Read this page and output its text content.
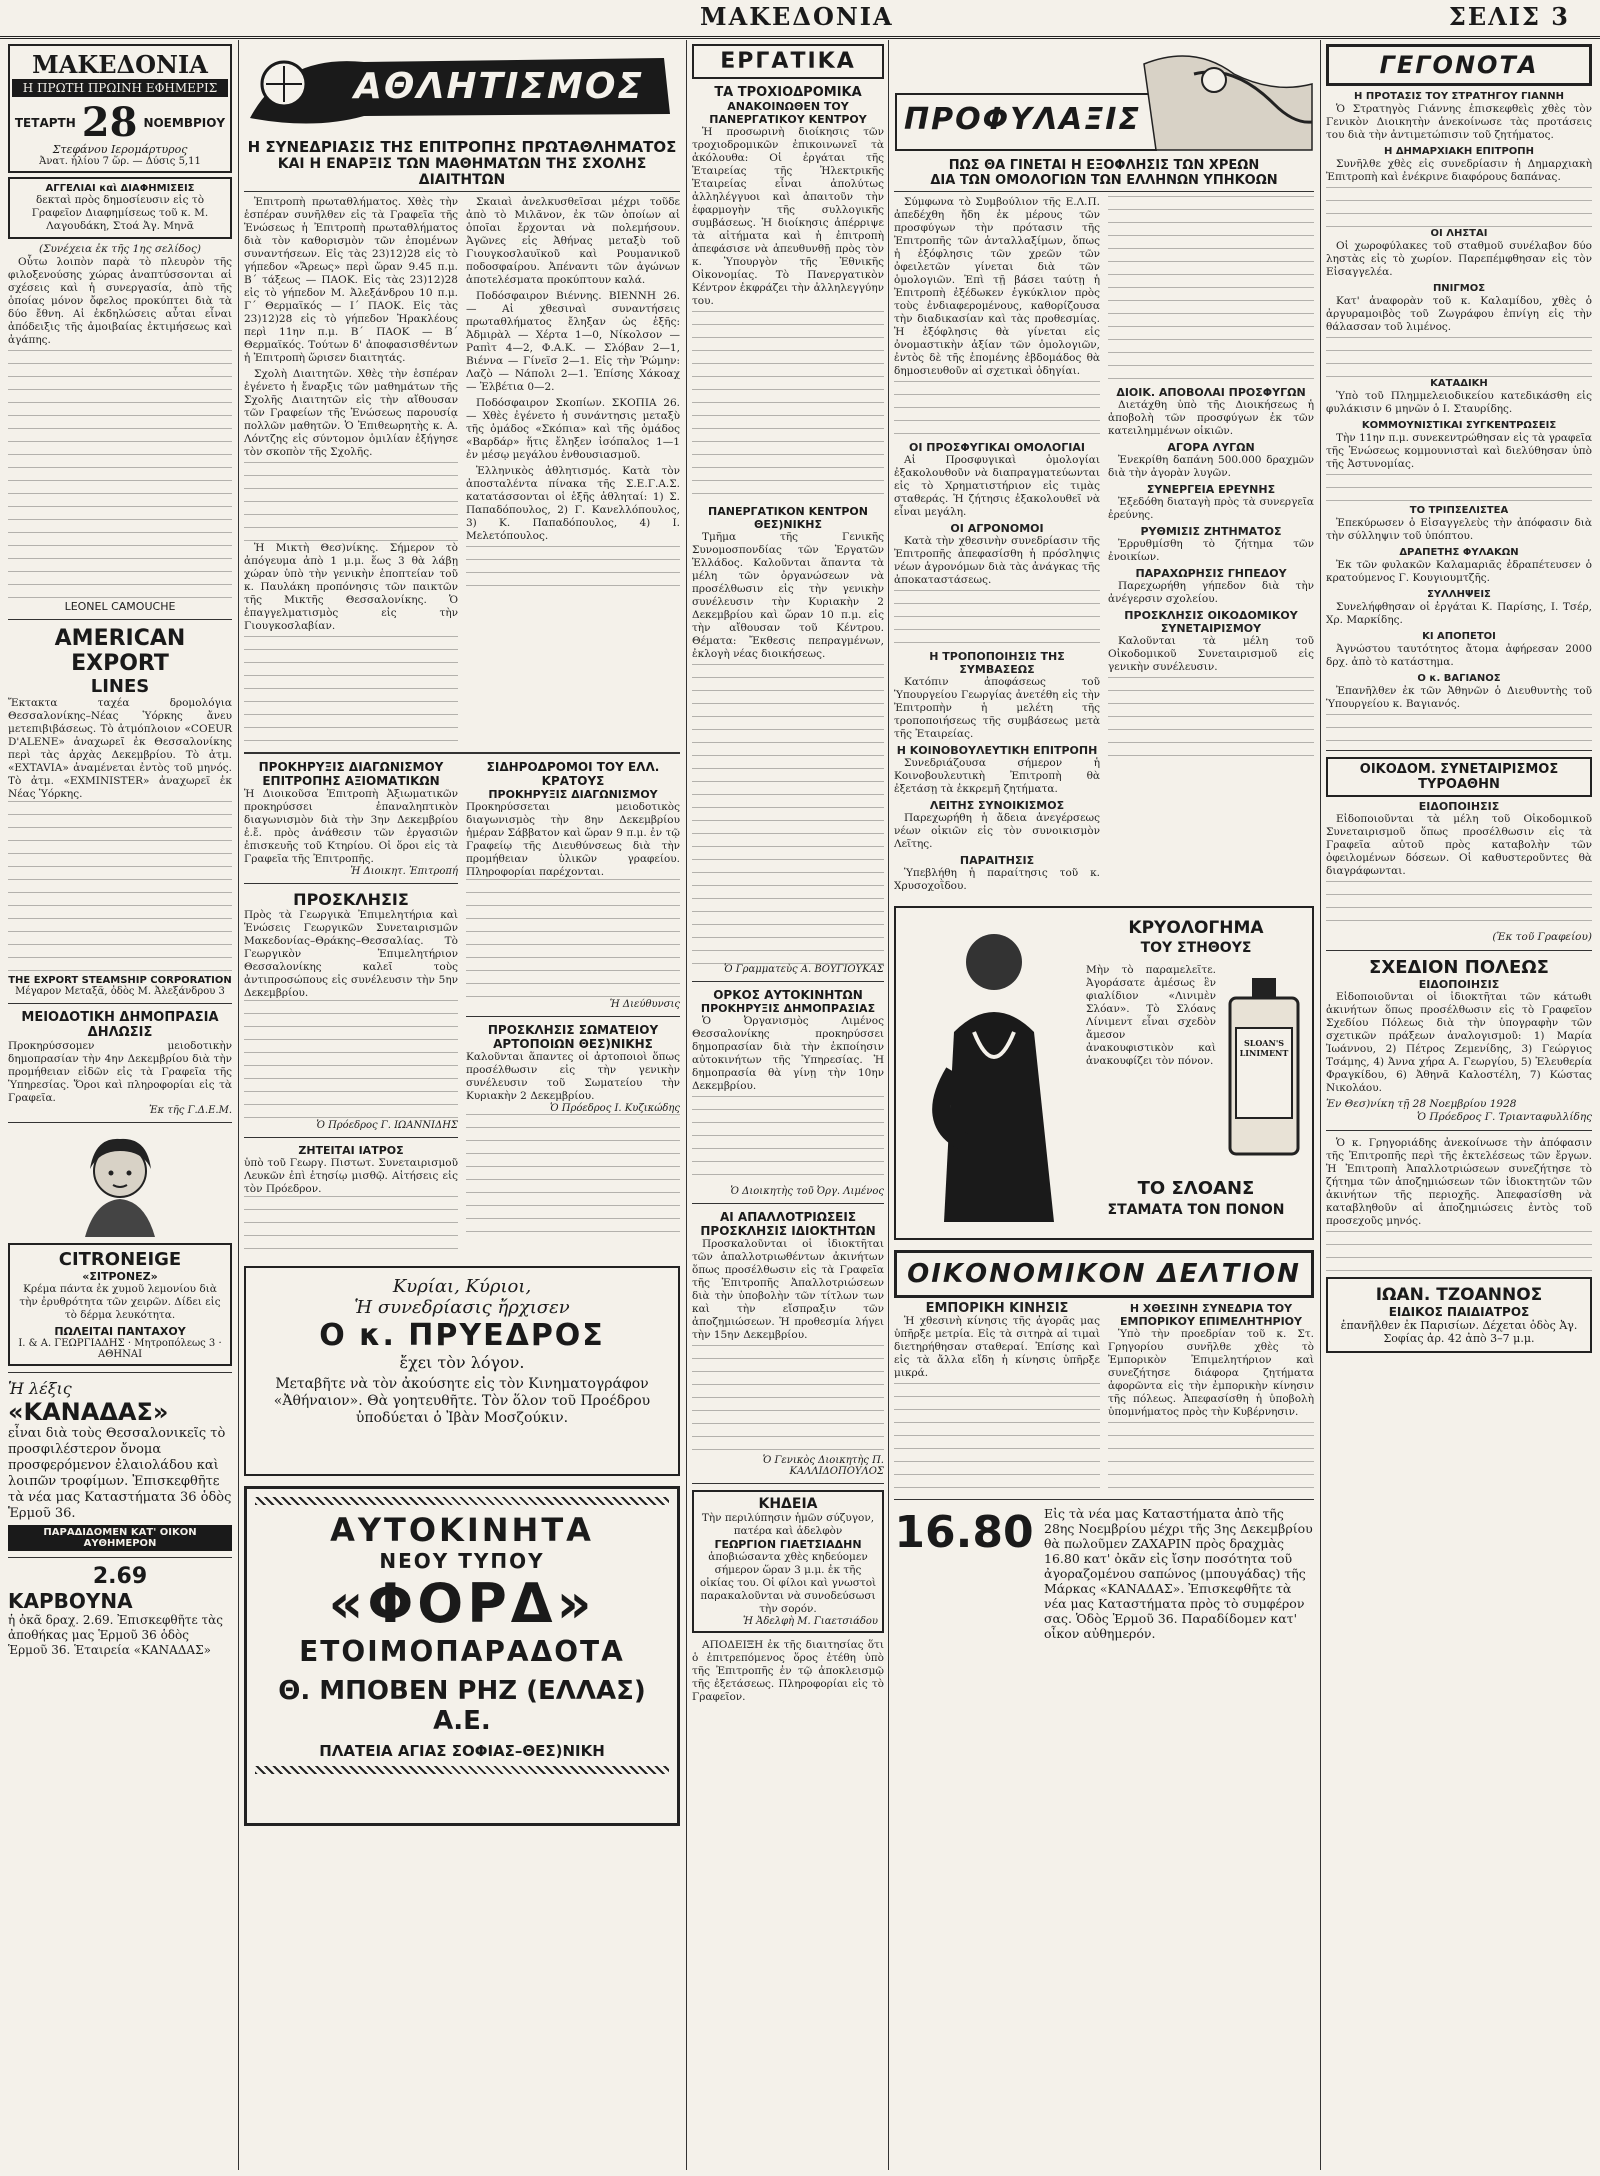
ΜΑΚΕΔΟΝΙΑ	ΣΕΛΙΣ 3
ΜΑΚΕΔΟΝΙΑ
Η ΠΡΩΤΗ ΠΡΩΙΝΗ ΕΦΗΜΕΡΙΣ
ΤΕΤΑΡΤΗ 28 ΝΟΕΜΒΡΙΟΥ
Στεφάνου Ιερομάρτυρος
Ἀνατ. ἡλίου 7 ὥρ. — Δύσις 5,11
ΑΓΓΕΛΙΑΙ καὶ ΔΙΑΦΗΜΙΣΕΙΣ
δεκταὶ πρὸς δημοσίευσιν εἰς τὸ Γραφεῖον Διαφημίσεως τοῦ κ. Μ. Λαγουδάκη, Στοά Ἀγ. Μηνᾶ
(Συνέχεια ἐκ τῆς 1ης σελίδος)

Οὗτω λοιπὸν παρὰ τὸ πλευρὸν τῆς φιλοξενούσης χώρας ἀναπτύσσονται αἱ σχέσεις καὶ ἡ συνεργασία, ἀπὸ τῆς ὁποίας μόνον ὄφελος προκύπτει διὰ τὰ δύο ἔθνη. Αἱ ἐκδηλώσεις αὗται εἶναι ἀπόδειξις τῆς ἀμοιβαίας ἐκτιμήσεως καὶ ἀγάπης.

LEONEL CAMOUCHE
AMERICAN EXPORT
LINES
Ἔκτακτα ταχέα δρομολόγια Θεσσαλονίκης–Νέας Ὑόρκης ἄνευ μετεπιβιβάσεως. Τὸ ἀτμόπλοιον «COEUR D'ALENE» ἀναχωρεῖ ἐκ Θεσσαλονίκης περὶ τὰς ἀρχὰς Δεκεμβρίου. Τὸ ἀτμ. «EXTAVIA» ἀναμένεται ἐντὸς τοῦ μηνός. Τὸ ἀτμ. «EXMINISTER» ἀναχωρεῖ ἐκ Νέας Ὑόρκης.
THE EXPORT STEAMSHIP CORPORATION
Μέγαρον Μεταξᾶ, ὁδὸς Μ. Ἀλεξάνδρου 3
ΜΕΙΟΔΟΤΙΚΗ ΔΗΜΟΠΡΑΣΙΑ
ΔΗΛΩΣΙΣ
Προκηρύσσομεν μειοδοτικὴν δημοπρασίαν τὴν 4ην Δεκεμβρίου διὰ τὴν προμήθειαν εἰδῶν εἰς τὰ Γραφεῖα τῆς Ὑπηρεσίας. Ὅροι καὶ πληροφορίαι εἰς τὰ Γραφεῖα.
Ἐκ τῆς Γ.Δ.Ε.Μ.
CITRONEIGE
«ΣΙΤΡΟΝΕΖ»
Κρέμα πάντα ἐκ χυμοῦ λεμονίου διὰ τὴν ἐρυθρότητα τῶν χειρῶν. Δίδει εἰς τὸ δέρμα λευκότητα.
ΠΩΛΕΙΤΑΙ ΠΑΝΤΑΧΟΥ
Ι. & Α. ΓΕΩΡΓΙΑΔΗΣ · Μητροπόλεως 3 · ΑΘΗΝΑΙ
Ἡ λέξις
«ΚΑΝΑΔΑΣ»
εἶναι διὰ τοὺς Θεσσαλονικεῖς τὸ προσφιλέστερον ὄνομα προσφερόμενον ἐλαιολάδου καὶ λοιπῶν τροφίμων. Ἐπισκεφθῆτε τὰ νέα μας Καταστήματα 36 ὁδὸς Ἑρμοῦ 36.
ΠΑΡΑΔΙΔΟΜΕΝ ΚΑΤ' ΟΙΚΟΝ ΑΥΘΗΜΕΡΟΝ
2.69
ΚΑΡΒΟΥΝΑ
ἡ ὀκᾶ δραχ. 2.69. Ἐπισκεφθῆτε τὰς ἀποθήκας μας Ἑρμοῦ 36 ὁδὸς Ἑρμοῦ 36. Ἑταιρεία «ΚΑΝΑΔΑΣ»
ΑΘΛΗΤΙΣΜΟΣ
Η ΣΥΝΕΔΡΙΑΣΙΣ ΤΗΣ ΕΠΙΤΡΟΠΗΣ ΠΡΩΤΑΘΛΗΜΑΤΟΣ
ΚΑΙ Η ΕΝΑΡΞΙΣ ΤΩΝ ΜΑΘΗΜΑΤΩΝ ΤΗΣ ΣΧΟΛΗΣ ΔΙΑΙΤΗΤΩΝ

Ἐπιτροπὴ πρωταθλήματος. Χθὲς τὴν ἑσπέραν συνῆλθεν εἰς τὰ Γραφεῖα τῆς Ἑνώσεως ἡ Ἐπιτροπὴ πρωταθλήματος διὰ τὸν καθορισμὸν τῶν ἑπομένων συναντήσεων. Εἰς τὰς 23)12)28 εἰς τὸ γήπεδον «Ἄρεως» περὶ ὥραν 9.45 π.μ. Β΄ τάξεως — ΠΑΟΚ. Εἰς τὰς 23)12)28 εἰς τὸ γήπεδον Μ. Ἀλεξάνδρου 10 π.μ. Γ΄ Θερμαϊκός — Ι΄ ΠΑΟΚ. Εἰς τὰς 23)12)28 εἰς τὸ γήπεδον Ἠρακλέους περὶ 11ην π.μ. Β΄ ΠΑΟΚ — Β΄ Θερμαϊκός. Τούτων δ' ἀποφασισθέντων ἡ Ἐπιτροπὴ ὥρισεν διαιτητάς.

Σχολὴ Διαιτητῶν. Χθὲς τὴν ἑσπέραν ἐγένετο ἡ ἔναρξις τῶν μαθημάτων τῆς Σχολῆς Διαιτητῶν εἰς τὴν αἴθουσαν τῶν Γραφείων τῆς Ἑνώσεως παρουσίᾳ πολλῶν μαθητῶν. Ὁ Ἐπιθεωρητὴς κ. Α. Λόντζης εἰς σύντομον ὁμιλίαν ἐξήγησε τὸν σκοπὸν τῆς Σχολῆς.

Ἡ Μικτὴ Θεσ)νίκης. Σήμερον τὸ ἀπόγευμα ἀπὸ 1 μ.μ. ἕως 3 θὰ λάβῃ χώραν ὑπὸ τὴν γενικὴν ἐποπτείαν τοῦ κ. Παυλάκη προπόνησις τῶν παικτῶν τῆς Μικτῆς Θεσσαλονίκης. Ὁ ἐπαγγελματισμὸς εἰς τὴν Γιουγκοσλαβίαν.

Σκαιαὶ ἀνελκυσθεῖσαι μέχρι τοῦδε ἀπὸ τὸ Μιλᾶνον, ἐκ τῶν ὁποίων αἱ ὁποῖαι ἔρχονται νὰ πολεμήσουν. Ἀγῶνες εἰς Ἀθήνας μεταξὺ τοῦ Γιουγκοσλαυϊκοῦ καὶ Ρουμανικοῦ ποδοσφαίρου. Ἀπέναντι τῶν ἀγώνων ἀποτελέσματα προκύπτουν καλά.

Ποδόσφαιρον Βιέννης. ΒΙΕΝΝΗ 26. — Αἱ χθεσιναὶ συναντήσεις πρωταθλήματος ἔληξαν ὡς ἑξῆς: Ἀδμιρὰλ — Χέρτα 1—0, Νίκολσον — Ραπὶτ 4—2, Φ.Α.Κ. — Σλόβαν 2—1, Βιέννα — Γίνεϊσ 2—1. Εἰς τὴν Ῥώμην: Λαζὸ — Νάπολι 2—1. Ἐπίσης Χάκοαχ — Ἐλβέτια 0—2.

Ποδόσφαιρον Σκοπίων. ΣΚΟΠΙΑ 26. — Χθὲς ἐγένετο ἡ συνάντησις μεταξὺ τῆς ὁμάδος «Σκόπια» καὶ τῆς ὁμάδος «Βαρδάρ» ἥτις ἔληξεν ἰσόπαλος 1—1 ἐν μέσῳ μεγάλου ἐνθουσιασμοῦ.

Ἑλληνικὸς ἀθλητισμός. Κατὰ τὸν ἀποσταλέντα πίνακα τῆς Σ.Ε.Γ.Α.Σ. κατατάσσονται οἱ ἑξῆς ἀθληταί: 1) Σ. Παπαδόπουλος, 2) Γ. Κανελλόπουλος, 3) Κ. Παπαδόπουλος, 4) Ι. Μελετόπουλος.

ΠΡΟΚΗΡΥΞΙΣ ΔΙΑΓΩΝΙΣΜΟΥ ΕΠΙΤΡΟΠΗΣ ΑΞΙΟΜΑΤΙΚΩΝ
Ἡ Διοικοῦσα Ἐπιτροπὴ Ἀξιωματικῶν προκηρύσσει ἐπαναληπτικὸν διαγωνισμὸν διὰ τὴν 3ην Δεκεμβρίου ἐ.ἔ. πρὸς ἀνάθεσιν τῶν ἐργασιῶν ἐπισκευῆς τοῦ Κτηρίου. Οἱ ὅροι εἰς τὰ Γραφεῖα τῆς Ἐπιτροπῆς.
Ἡ Διοικητ. Ἐπιτροπή
ΠΡΟΣΚΛΗΣΙΣ
Πρὸς τὰ Γεωργικὰ Ἐπιμελητήρια καὶ Ἑνώσεις Γεωργικῶν Συνεταιρισμῶν Μακεδονίας–Θράκης–Θεσσαλίας. Τὸ Γεωργικὸν Ἐπιμελητήριον Θεσσαλονίκης καλεῖ τοὺς ἀντιπροσώπους εἰς συνέλευσιν τὴν 5ην Δεκεμβρίου.
Ὁ Πρόεδρος Γ. ΙΩΑΝΝΙΔΗΣ
ΖΗΤΕΙΤΑΙ ΙΑΤΡΟΣ
ὑπὸ τοῦ Γεωργ. Πιστωτ. Συνεταιρισμοῦ Λευκῶν ἐπὶ ἐτησίῳ μισθῷ. Αἰτήσεις εἰς τὸν Πρόεδρον.
ΣΙΔΗΡΟΔΡΟΜΟΙ ΤΟΥ ΕΛΛ. ΚΡΑΤΟΥΣ
ΠΡΟΚΗΡΥΞΙΣ ΔΙΑΓΩΝΙΣΜΟΥ
Προκηρύσσεται μειοδοτικὸς διαγωνισμὸς τὴν 8ην Δεκεμβρίου ἡμέραν Σάββατον καὶ ὥραν 9 π.μ. ἐν τῷ Γραφείῳ τῆς Διευθύνσεως διὰ τὴν προμήθειαν ὑλικῶν γραφείου. Πληροφορίαι παρέχονται.
Ἡ Διεύθυνσις
ΠΡΟΣΚΛΗΣΙΣ ΣΩΜΑΤΕΙΟΥ ΑΡΤΟΠΟΙΩΝ ΘΕΣ)ΝΙΚΗΣ
Καλοῦνται ἅπαντες οἱ ἀρτοποιοὶ ὅπως προσέλθωσιν εἰς τὴν γενικὴν συνέλευσιν τοῦ Σωματείου τὴν Κυριακὴν 2 Δεκεμβρίου.
Ὁ Πρόεδρος Ι. Κυζικώδης
Κυρίαι, Κύριοι,
Ἡ συνεδρίασις ἤρχισεν
Ο κ. ΠΡΥΕΔΡΟΣ
ἔχει τὸν λόγον.
Μεταβῆτε νὰ τὸν ἀκούσητε εἰς τὸν Κινηματογράφον «Ἀθήναιον». Θὰ γοητευθῆτε. Τὸν ὅλον τοῦ Προέδρου ὑποδύεται ὁ Ἰβὰν Μοσζούκιν.
ΑΥΤΟΚΙΝΗΤΑ
ΝΕΟΥ ΤΥΠΟΥ
«ΦΟΡΔ»
ΕΤΟΙΜΟΠΑΡΑΔΟΤΑ
Θ. ΜΠΟΒΕΝ ΡΗΖ (ΕΛΛΑΣ) Α.Ε.
ΠΛΑΤΕΙΑ ΑΓΙΑΣ ΣΟΦΙΑΣ–ΘΕΣ)ΝΙΚΗ
ΕΡΓΑΤΙΚΑ
ΤΑ ΤΡΟΧΙΟΔΡΟΜΙΚΑ
ΑΝΑΚΟΙΝΩΘΕΝ ΤΟΥ ΠΑΝΕΡΓΑΤΙΚΟΥ ΚΕΝΤΡΟΥ

Ἡ προσωρινὴ διοίκησις τῶν τροχιοδρομικῶν ἐπικοινωνεῖ τὰ ἀκόλουθα: Οἱ ἐργάται τῆς Ἑταιρείας τῆς Ἠλεκτρικῆς Ἑταιρείας εἶναι ἀπολύτως ἀλληλέγγυοι καὶ ἀπαιτοῦν τὴν ἐφαρμογὴν τῆς συλλογικῆς συμβάσεως. Ἡ διοίκησις ἀπέρριψε τὰ αἰτήματα καὶ ἡ ἐπιτροπὴ ἀπεφάσισε νὰ ἀπευθυνθῇ πρὸς τὸν κ. Ὑπουργὸν τῆς Ἐθνικῆς Οἰκονομίας. Τὸ Πανεργατικὸν Κέντρον ἐκφράζει τὴν ἀλληλεγγύην του.

ΠΑΝΕΡΓΑΤΙΚΟΝ ΚΕΝΤΡΟΝ ΘΕΣ)ΝΙΚΗΣ

Τμῆμα τῆς Γενικῆς Συνομοσπονδίας τῶν Ἐργατῶν Ἑλλάδος. Καλοῦνται ἅπαντα τὰ μέλη τῶν ὀργανώσεων νὰ προσέλθωσιν εἰς τὴν γενικὴν συνέλευσιν τὴν Κυριακὴν 2 Δεκεμβρίου καὶ ὥραν 10 π.μ. εἰς τὴν αἴθουσαν τοῦ Κέντρου. Θέματα: Ἔκθεσις πεπραγμένων, ἐκλογὴ νέας διοικήσεως.

Ὁ Γραμματεὺς Α. ΒΟΥΓΙΟΥΚΑΣ
ΟΡΚΟΣ ΑΥΤΟΚΙΝΗΤΩΝ
ΠΡΟΚΗΡΥΞΙΣ ΔΗΜΟΠΡΑΣΙΑΣ

Ὁ Ὀργανισμὸς Λιμένος Θεσσαλονίκης προκηρύσσει δημοπρασίαν διὰ τὴν ἐκποίησιν αὐτοκινήτων τῆς Ὑπηρεσίας. Ἡ δημοπρασία θὰ γίνῃ τὴν 10ην Δεκεμβρίου.

Ὁ Διοικητὴς τοῦ Ὀργ. Λιμένος
ΑΙ ΑΠΑΛΛΟΤΡΙΩΣΕΙΣ
ΠΡΟΣΚΛΗΣΙΣ ΙΔΙΟΚΤΗΤΩΝ

Προσκαλοῦνται οἱ ἰδιοκτῆται τῶν ἀπαλλοτριωθέντων ἀκινήτων ὅπως προσέλθωσιν εἰς τὰ Γραφεῖα τῆς Ἐπιτροπῆς Ἀπαλλοτριώσεων διὰ τὴν ὑποβολὴν τῶν τίτλων των καὶ τὴν εἴσπραξιν τῶν ἀποζημιώσεων. Ἡ προθεσμία λήγει τὴν 15ην Δεκεμβρίου.

Ὁ Γενικὸς Διοικητὴς Π. ΚΑΛΛΙΔΟΠΟΥΛΟΣ
ΚΗΔΕΙΑ
Τὴν περιλύπησιν ἡμῶν σύζυγον, πατέρα καὶ ἀδελφὸν
ΓΕΩΡΓΙΟΝ ΓΙΑΕΤΣΙΑΔΗΝ
ἀποβιώσαντα χθὲς κηδεύομεν σήμερον ὥραν 3 μ.μ. ἐκ τῆς οἰκίας του. Οἱ φίλοι καὶ γνωστοὶ παρακαλοῦνται νὰ συνοδεύσωσι τὴν σορόν.
Ἡ Ἀδελφὴ Μ. Γιαετσιάδου

ΑΠΟΔΕΙΞΗ ἐκ τῆς διαιτησίας ὅτι ὁ ἐπιτρεπόμενος ὅρος ἐτέθη ὑπὸ τῆς Ἐπιτροπῆς ἐν τῷ ἀποκλεισμῷ τῆς ἐξετάσεως. Πληροφορίαι εἰς τὸ Γραφεῖον.

ΠΡΟΦΥΛΑΞΙΣ
ΠΩΣ ΘΑ ΓΙΝΕΤΑΙ Η ΕΞΟΦΛΗΣΙΣ ΤΩΝ ΧΡΕΩΝ
ΔΙΑ ΤΩΝ ΟΜΟΛΟΓΙΩΝ ΤΩΝ ΕΛΛΗΝΩΝ ΥΠΗΚΟΩΝ

Σύμφωνα τὸ Συμβούλιον τῆς Ε.Λ.Π. ἀπεδέχθη ἤδη ἐκ μέρους τῶν προσφύγων τὴν πρότασιν τῆς Ἐπιτροπῆς τῶν ἀνταλλαξίμων, ὅπως ἡ ἐξόφλησις τῶν χρεῶν τῶν ὀφειλετῶν γίνεται διὰ τῶν ὁμολογιῶν. Ἐπὶ τῇ βάσει ταύτῃ ἡ Ἐπιτροπὴ ἐξέδωκεν ἐγκύκλιον πρὸς τοὺς ἐνδιαφερομένους, καθορίζουσα τὴν διαδικασίαν καὶ τὰς προθεσμίας. Ἡ ἐξόφλησις θὰ γίνεται εἰς ὀνομαστικὴν ἀξίαν τῶν ὁμολογιῶν, ἐντὸς δὲ τῆς ἑπομένης ἑβδομάδος θὰ δημοσιευθοῦν αἱ σχετικαὶ ὁδηγίαι.

ΟΙ ΠΡΟΣΦΥΓΙΚΑΙ ΟΜΟΛΟΓΙΑΙ

Αἱ Προσφυγικαὶ ὁμολογίαι ἐξακολουθοῦν νὰ διαπραγματεύωνται εἰς τὸ Χρηματιστήριον εἰς τιμὰς σταθεράς. Ἡ ζήτησις ἐξακολουθεῖ νὰ εἶναι μεγάλη.

ΟΙ ΑΓΡΟΝΟΜΟΙ

Κατὰ τὴν χθεσινὴν συνεδρίασιν τῆς Ἐπιτροπῆς ἀπεφασίσθη ἡ πρόσληψις νέων ἀγρονόμων διὰ τὰς ἀνάγκας τῆς ἀποκαταστάσεως.

Η ΤΡΟΠΟΠΟΙΗΣΙΣ ΤΗΣ ΣΥΜΒΑΣΕΩΣ

Κατόπιν ἀποφάσεως τοῦ Ὑπουργείου Γεωργίας ἀνετέθη εἰς τὴν Ἐπιτροπὴν ἡ μελέτη τῆς τροποποιήσεως τῆς συμβάσεως μετὰ τῆς Ἐταιρείας.

Η ΚΟΙΝΟΒΟΥΛΕΥΤΙΚΗ ΕΠΙΤΡΟΠΗ

Συνεδριάζουσα σήμερον ἡ Κοινοβουλευτικὴ Ἐπιτροπὴ θὰ ἐξετάσῃ τὰ ἐκκρεμῆ ζητήματα.

ΛΕΙΤΗΣ ΣΥΝΟΙΚΙΣΜΟΣ

Παρεχωρήθη ἡ ἄδεια ἀνεγέρσεως νέων οἰκιῶν εἰς τὸν συνοικισμὸν Λεῖτης.

ΠΑΡΑΙΤΗΣΙΣ

Ὑπεβλήθη ἡ παραίτησις τοῦ κ. Χρυσοχοῒδου.

ΔΙΟΙΚ. ΑΠΟΒΟΛΑΙ ΠΡΟΣΦΥΓΩΝ

Διετάχθη ὑπὸ τῆς Διοικήσεως ἡ ἀποβολὴ τῶν προσφύγων ἐκ τῶν κατειλημμένων οἰκιῶν.

ΑΓΟΡΑ ΛΥΓΩΝ

Ἐνεκρίθη δαπάνη 500.000 δραχμῶν διὰ τὴν ἀγορὰν λυγῶν.

ΣΥΝΕΡΓΕΙΑ ΕΡΕΥΝΗΣ

Ἐξεδόθη διαταγὴ πρὸς τὰ συνεργεῖα ἐρεύνης.

ΡΥΘΜΙΣΙΣ ΖΗΤΗΜΑΤΟΣ

Ἐρρυθμίσθη τὸ ζήτημα τῶν ἐνοικίων.

ΠΑΡΑΧΩΡΗΣΙΣ ΓΗΠΕΔΟΥ

Παρεχωρήθη γήπεδον διὰ τὴν ἀνέγερσιν σχολείου.

ΠΡΟΣΚΛΗΣΙΣ ΟΙΚΟΔΟΜΙΚΟΥ ΣΥΝΕΤΑΙΡΙΣΜΟΥ

Καλοῦνται τὰ μέλη τοῦ Οἰκοδομικοῦ Συνεταιρισμοῦ εἰς γενικὴν συνέλευσιν.

ΚΡΥΟΛΟΓΗΜΑ
ΤΟΥ ΣΤΗΘΟΥΣ
Μὴν τὸ παραμελεῖτε. Ἀγοράσατε ἀμέσως ἓν φιαλίδιον «Λινιμὲν Σλόαν». Τὸ Σλόανς Λίνιμεντ εἶναι σχεδὸν ἄμεσον ἀνακουφιστικὸν καὶ ἀνακουφίζει τὸν πόνον.
SLOAN'S LINIMENT
ΤΟ ΣΛΟΑΝΣ
ΣΤΑΜΑΤΑ ΤΟΝ ΠΟΝΟΝ
ΟΙΚΟΝΟΜΙΚΟΝ ΔΕΛΤΙΟΝ
ΕΜΠΟΡΙΚΗ ΚΙΝΗΣΙΣ

Ἡ χθεσινὴ κίνησις τῆς ἀγορᾶς μας ὑπῆρξε μετρία. Εἰς τὰ σιτηρὰ αἱ τιμαὶ διετηρήθησαν σταθεραί. Ἐπίσης καὶ εἰς τὰ ἄλλα εἴδη ἡ κίνησις ὑπῆρξε μικρά.

Η ΧΘΕΣΙΝΗ ΣΥΝΕΔΡΙΑ ΤΟΥ ΕΜΠΟΡΙΚΟΥ ΕΠΙΜΕΛΗΤΗΡΙΟΥ

Ὑπὸ τὴν προεδρίαν τοῦ κ. Στ. Γρηγορίου συνῆλθε χθὲς τὸ Ἐμπορικὸν Ἐπιμελητήριον καὶ συνεζήτησε διάφορα ζητήματα ἀφορῶντα εἰς τὴν ἐμπορικὴν κίνησιν τῆς πόλεως. Ἀπεφασίσθη ἡ ὑποβολὴ ὑπομνήματος πρὸς τὴν Κυβέρνησιν.

16.80 Εἰς τὰ νέα μας Καταστήματα ἀπὸ τῆς 28ης Νοεμβρίου μέχρι τῆς 3ης Δεκεμβρίου θὰ πωλοῦμεν ΖΑΧΑΡΙΝ πρὸς δραχμὰς 16.80 κατ' ὀκᾶν εἰς ἴσην ποσότητα τοῦ ἀγοραζομένου σαπώνος (μπουγάδας) τῆς Μάρκας «ΚΑΝΑΔΑΣ». Ἐπισκεφθῆτε τὰ νέα μας Καταστήματα πρὸς τὸ συμφέρον σας. Ὁδὸς Ἑρμοῦ 36. Παραδίδομεν κατ' οἶκον αὐθημερόν.
ΓΕΓΟΝΟΤΑ
Η ΠΡΟΤΑΣΙΣ ΤΟΥ ΣΤΡΑΤΗΓΟΥ ΓΙΑΝΝΗ

Ὁ Στρατηγὸς Γιάννης ἐπισκεφθεὶς χθὲς τὸν Γενικὸν Διοικητὴν ἀνεκοίνωσε τὰς προτάσεις του διὰ τὴν ἀντιμετώπισιν τοῦ ζητήματος.

Η ΔΗΜΑΡΧΙΑΚΗ ΕΠΙΤΡΟΠΗ

Συνῆλθε χθὲς εἰς συνεδρίασιν ἡ Δημαρχιακὴ Ἐπιτροπὴ καὶ ἐνέκρινε διαφόρους δαπάνας.

ΟΙ ΛΗΣΤΑΙ

Οἱ χωροφύλακες τοῦ σταθμοῦ συνέλαβον δύο ληστὰς εἰς τὸ χωρίον. Παρεπέμφθησαν εἰς τὸν Εἰσαγγελέα.

ΠΝΙΓΜΟΣ

Κατ' ἀναφορὰν τοῦ κ. Καλαμίδου, χθὲς ὁ ἀργυραμοιβὸς τοῦ Ζωγράφου ἐπνίγη εἰς τὴν θάλασσαν τοῦ λιμένος.

ΚΑΤΑΔΙΚΗ

Ὑπὸ τοῦ Πλημμελειοδικείου κατεδικάσθη εἰς φυλάκισιν 6 μηνῶν ὁ Ι. Σταυρίδης.

ΚΟΜΜΟΥΝΙΣΤΙΚΑΙ ΣΥΓΚΕΝΤΡΩΣΕΙΣ

Τὴν 11ην π.μ. συνεκεντρώθησαν εἰς τὰ γραφεῖα τῆς Ἑνώσεως κομμουνισταὶ καὶ διελύθησαν ὑπὸ τῆς Ἀστυνομίας.

ΤΟ ΤΡΙΠΣΕΛΙΣΤΕΑ

Ἐπεκύρωσεν ὁ Εἰσαγγελεὺς τὴν ἀπόφασιν διὰ τὴν σύλληψιν τοῦ ὑπόπτου.

ΔΡΑΠΕΤΗΣ ΦΥΛΑΚΩΝ

Ἐκ τῶν φυλακῶν Καλαμαριᾶς ἐδραπέτευσεν ὁ κρατούμενος Γ. Κουγιουμτζῆς.

ΣΥΛΛΗΨΕΙΣ

Συνελήφθησαν οἱ ἐργάται Κ. Παρίσης, Ι. Τσέρ, Χρ. Μαρκίδης.

ΚΙ ΑΠΟΠΕΤΟΙ

Ἀγνώστου ταυτότητος ἄτομα ἀφήρεσαν 2000 δρχ. ἀπὸ τὸ κατάστημα.

Ο κ. ΒΑΓΙΑΝΟΣ

Ἐπανῆλθεν ἐκ τῶν Ἀθηνῶν ὁ Διευθυντὴς τοῦ Ὑπουργείου κ. Βαγιανός.

ΟΙΚΟΔΟΜ. ΣΥΝΕΤΑΙΡΙΣΜΟΣ ΤΥΡΟΑΘΗΝ
ΕΙΔΟΠΟΙΗΣΙΣ

Εἰδοποιοῦνται τὰ μέλη τοῦ Οἰκοδομικοῦ Συνεταιρισμοῦ ὅπως προσέλθωσιν εἰς τὰ Γραφεῖα αὐτοῦ πρὸς καταβολὴν τῶν ὀφειλομένων δόσεων. Οἱ καθυστεροῦντες θὰ διαγράφωνται.

(Ἐκ τοῦ Γραφείου)
ΣΧΕΔΙΟΝ ΠΟΛΕΩΣ
ΕΙΔΟΠΟΙΗΣΙΣ

Εἰδοποιοῦνται οἱ ἰδιοκτῆται τῶν κάτωθι ἀκινήτων ὅπως προσέλθωσιν εἰς τὸ Γραφεῖον Σχεδίου Πόλεως διὰ τὴν ὑπογραφὴν τῶν σχετικῶν πράξεων ἀναλογισμοῦ: 1) Μαρία Ἰωάννου, 2) Πέτρος Ζεμενίδης, 3) Γεώργιος Τσάμης, 4) Ἀννα χήρα Α. Γεωργίου, 5) Ἐλευθερία Φραγκίδου, 6) Ἀθηνᾶ Καλοστέλη, 7) Κώστας Νικολάου.

Ἐν Θεσ)νίκη τῇ 28 Νοεμβρίου 1928
Ὁ Πρόεδρος Γ. Τριανταφυλλίδης

Ὁ κ. Γρηγοριάδης ἀνεκοίνωσε τὴν ἀπόφασιν τῆς Ἐπιτροπῆς περὶ τῆς ἐκτελέσεως τῶν ἔργων. Ἡ Ἐπιτροπὴ Ἀπαλλοτριώσεων συνεζήτησε τὸ ζήτημα τῶν ἀποζημιώσεων τῶν ἰδιοκτητῶν τῶν ἀκινήτων τῆς περιοχῆς. Ἀπεφασίσθη νὰ καταβληθοῦν αἱ ἀποζημιώσεις ἐντὸς τοῦ προσεχοῦς μηνός.

ΙΩΑΝ. ΤΖΟΑΝΝΟΣ
ΕΙΔΙΚΟΣ ΠΑΙΔΙΑΤΡΟΣ
ἐπανῆλθεν ἐκ Παρισίων. Δέχεται ὁδὸς Ἀγ. Σοφίας ἀρ. 42 ἀπὸ 3–7 μ.μ.
